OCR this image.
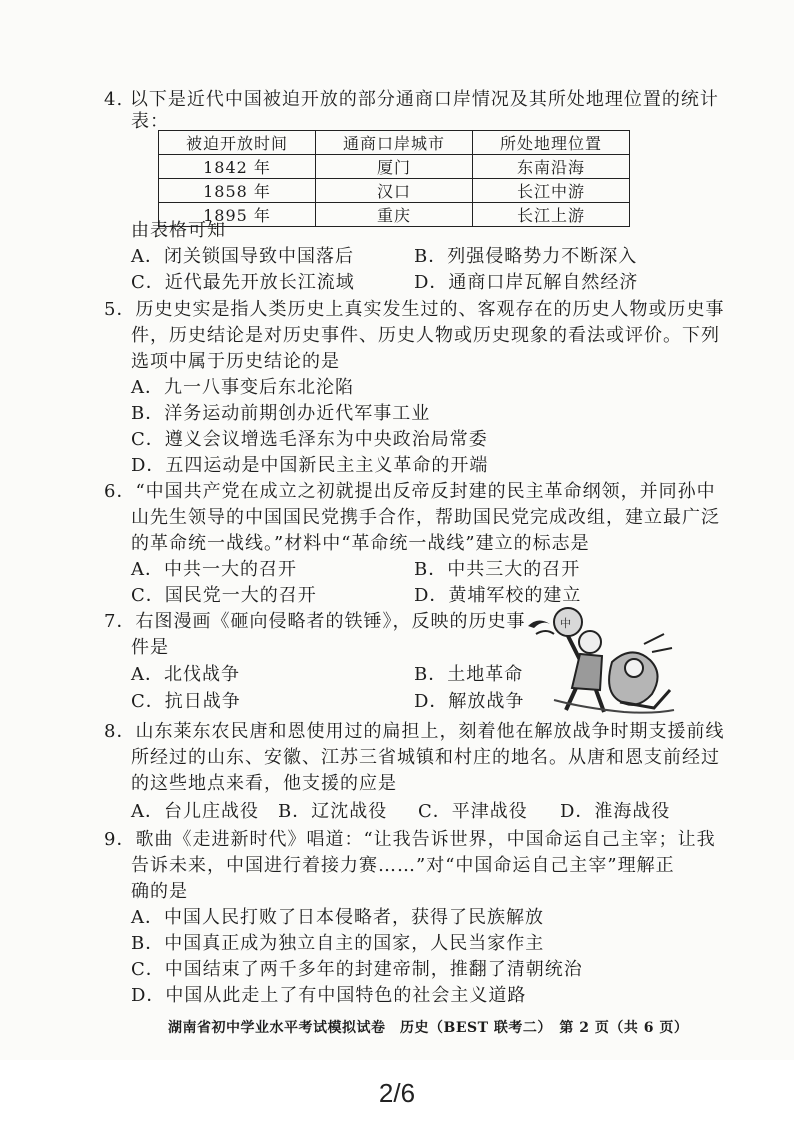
4. 以下是近代中国被迫开放的部分通商口岸情况及其所处地理位置的统计
表：
被迫开放时间	通商口岸城市	所处地理位置
1842 年	厦门	东南沿海
1858 年	汉口	长江中游
1895 年	重庆	长江上游
由表格可知
A．闭关锁国导致中国落后	B．列强侵略势力不断深入
C．近代最先开放长江流域	D．通商口岸瓦解自然经济
5．历史史实是指人类历史上真实发生过的、客观存在的历史人物或历史事
件，历史结论是对历史事件、历史人物或历史现象的看法或评价。下列
选项中属于历史结论的是
A．九一八事变后东北沦陷
B．洋务运动前期创办近代军事工业
C．遵义会议增选毛泽东为中央政治局常委
D．五四运动是中国新民主主义革命的开端
6．“中国共产党在成立之初就提出反帝反封建的民主革命纲领，并同孙中
山先生领导的中国国民党携手合作，帮助国民党完成改组，建立最广泛
的革命统一战线。”材料中“革命统一战线”建立的标志是
A．中共一大的召开	B．中共三大的召开
C．国民党一大的召开	D．黄埔军校的建立
7．右图漫画《砸向侵略者的铁锤》，反映的历史事
件是
A．北伐战争	B．土地革命
C．抗日战争	D．解放战争
中
8．山东莱东农民唐和恩使用过的扁担上，刻着他在解放战争时期支援前线
所经过的山东、安徽、江苏三省城镇和村庄的地名。从唐和恩支前经过
的这些地点来看，他支援的应是
A．台儿庄战役 B．辽沈战役 C．平津战役 D．淮海战役
9．歌曲《走进新时代》唱道：“让我告诉世界，中国命运自己主宰；让我
告诉未来，中国进行着接力赛……”对“中国命运自己主宰”理解正
确的是
A．中国人民打败了日本侵略者，获得了民族解放
B．中国真正成为独立自主的国家，人民当家作主
C．中国结束了两千多年的封建帝制，推翻了清朝统治
D．中国从此走上了有中国特色的社会主义道路
湖南省初中学业水平考试模拟试卷　历史（BEST 联考二）　第 2 页（共 6 页）
2/6
